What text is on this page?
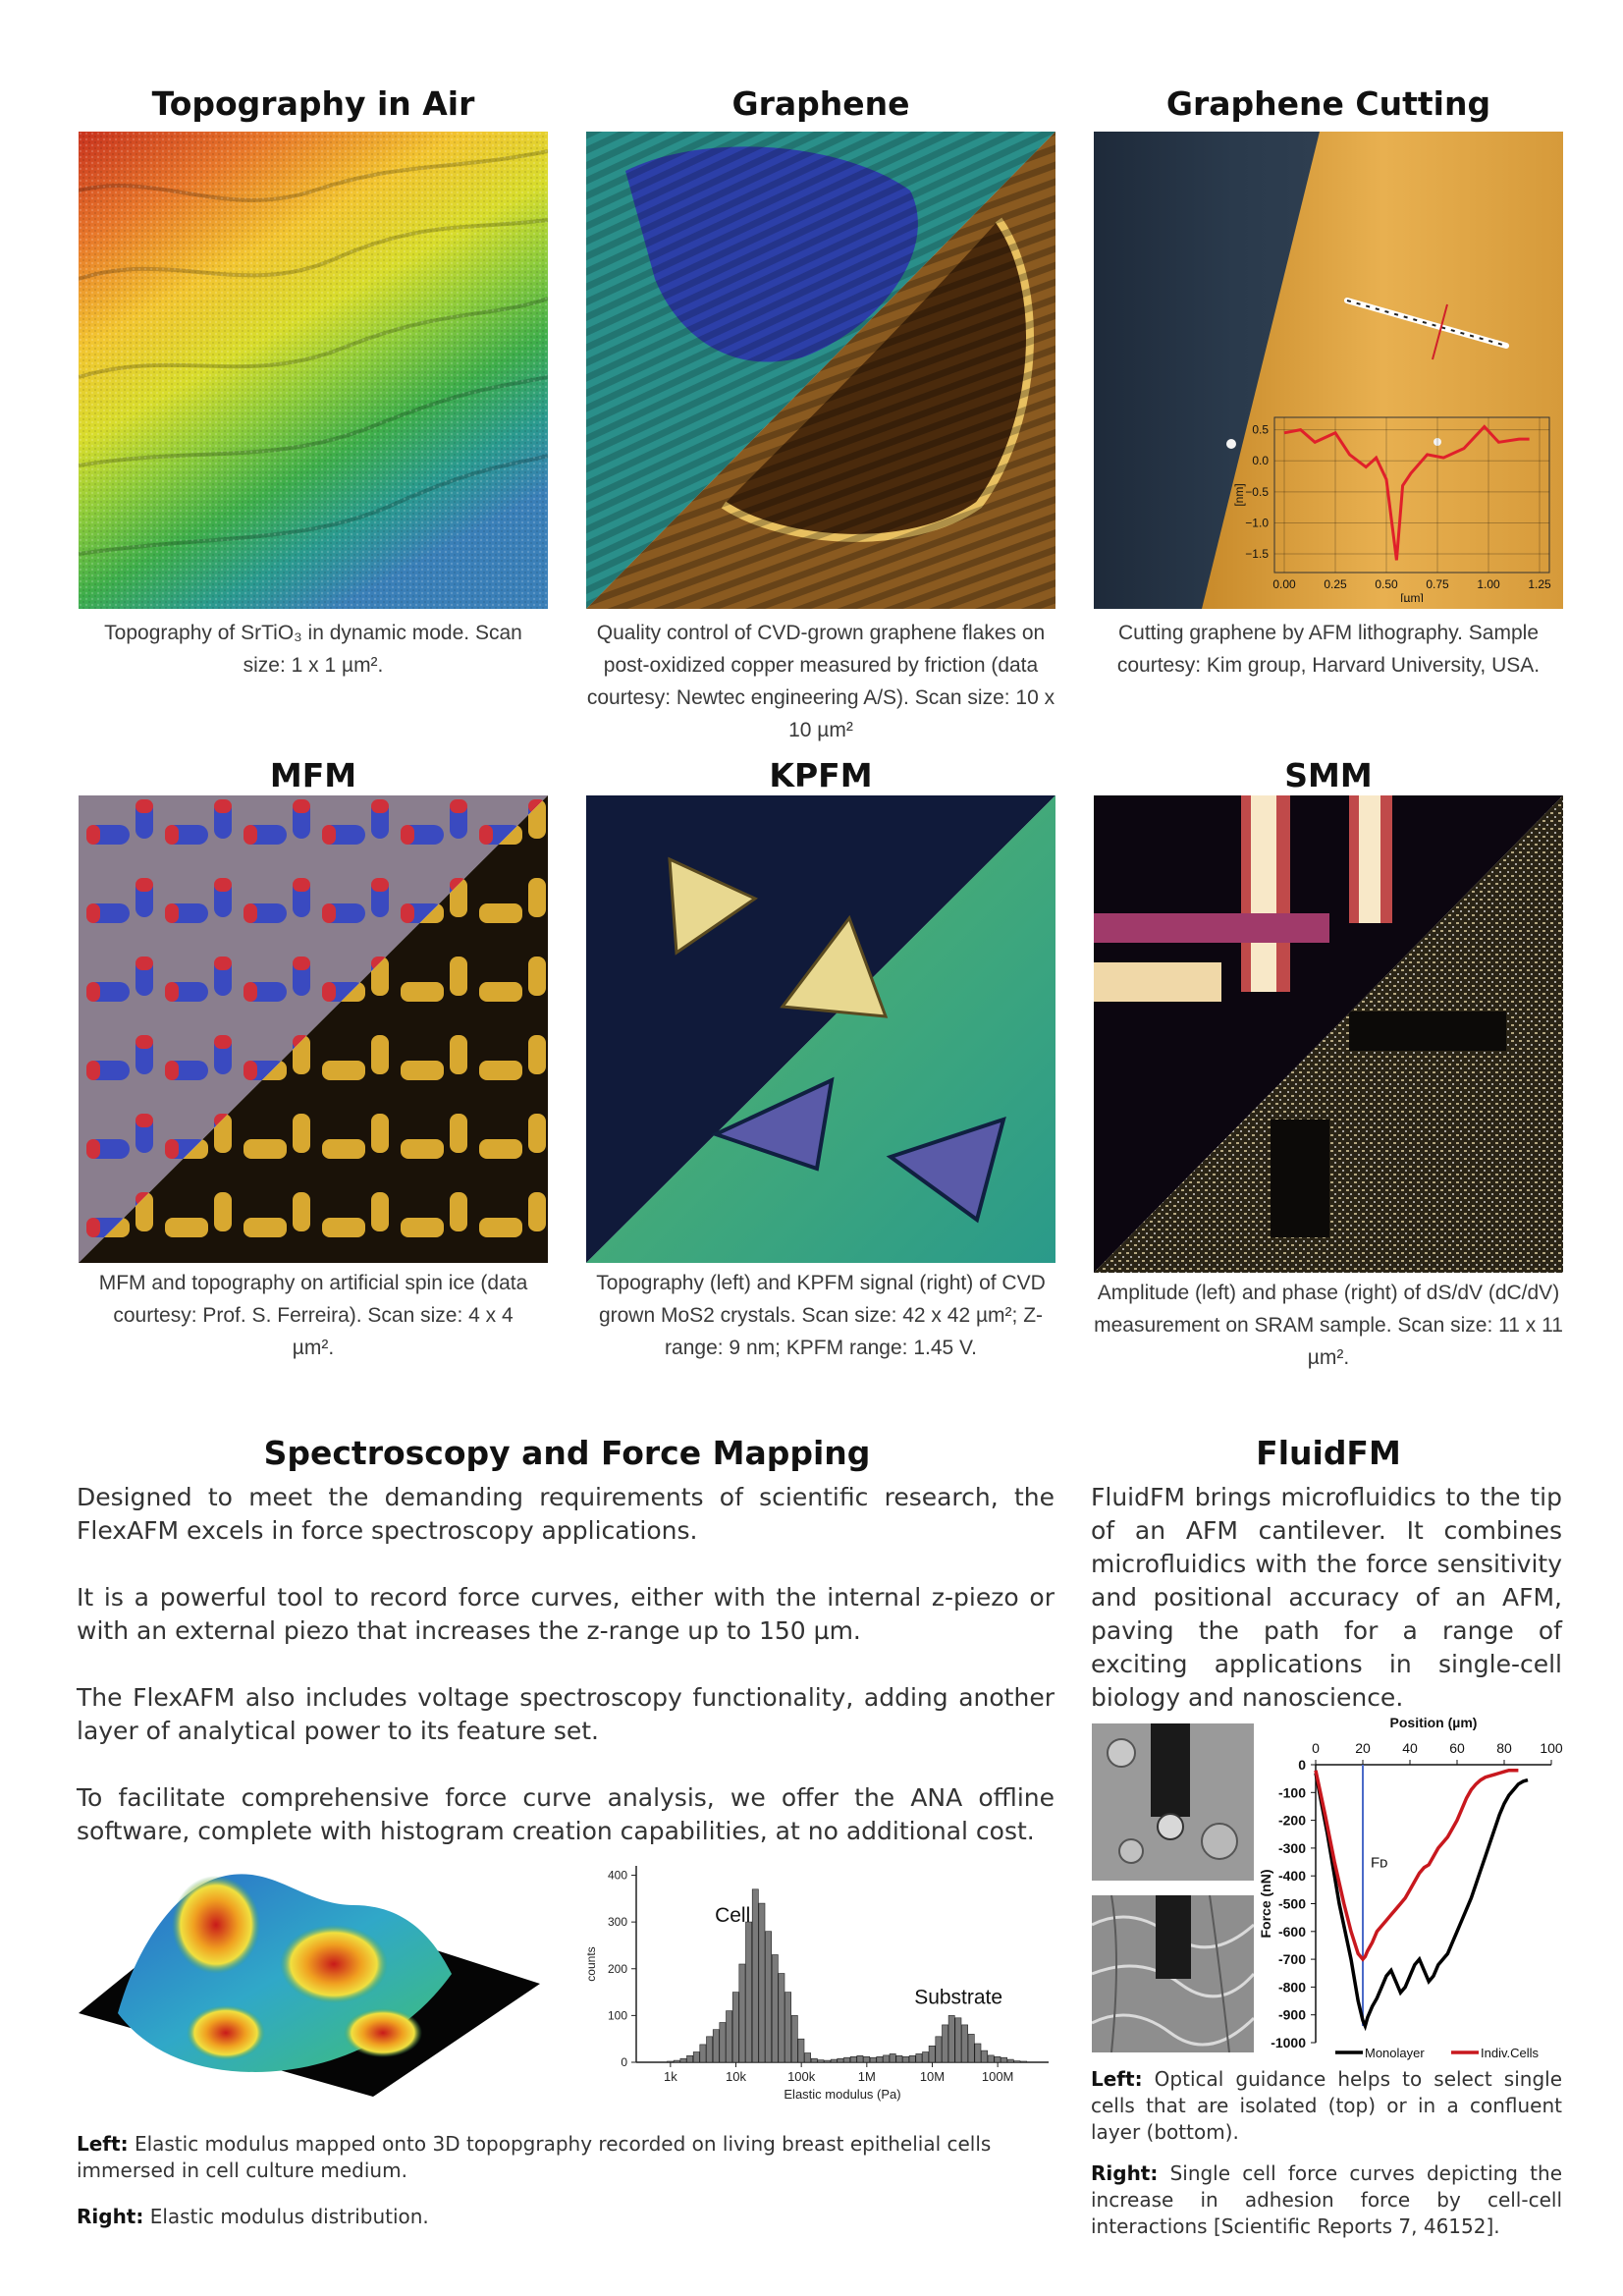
Topography in Air	Graphene	Graphene Cutting
0.5
0.0
−0.5
−1.0
−1.5
0.00 0.25 0.50 0.75 1.00 1.25
[µm]
[nm]
Topography of SrTiO₃ in dynamic mode. Scan size: 1 x 1 µm².
Quality control of CVD-grown graphene flakes on post-oxidized copper measured by friction (data courtesy: Newtec engineering A/S). Scan size: 10 x 10 µm²
Cutting graphene by AFM lithography. Sample courtesy: Kim group, Harvard University, USA.
MFM	KPFM	SMM
MFM and topography on artificial spin ice (data courtesy: Prof. S. Ferreira). Scan size: 4 x 4 µm².
Topography (left) and KPFM signal (right) of CVD grown MoS2 crystals. Scan size: 42 x 42 µm²; Z-range: 9 nm; KPFM range: 1.45 V.
Amplitude (left) and phase (right) of dS/dV (dC/dV) measurement on SRAM sample. Scan size: 11 x 11 µm².
Spectroscopy and Force Mapping

Designed to meet the demanding requirements of scientific research, the FlexAFM excels in force spectroscopy applications.

It is a powerful tool to record force curves, either with the internal z-piezo or with an external piezo that increases the z-range up to 150 µm.

The FlexAFM also includes voltage spectroscopy functionality, adding another layer of analytical power to its feature set.

To facilitate comprehensive force curve analysis, we offer the ANA offline software, complete with histogram creation capabilities, at no additional cost.

0
100
200
300
400
1k	10k	100k	1M	10M	100M
Elastic modulus (Pa)
counts
Cell
Substrate
Left: Elastic modulus mapped onto 3D topopgraphy recorded on living breast epithelial cells immersed in cell culture medium.
Right: Elastic modulus distribution.
FluidFM
FluidFM brings microfluidics to the tip of an AFM cantilever. It combines microfluidics with the force sensitivity and positional accuracy of an AFM, paving the path for a range of exciting applications in single-cell biology and nanoscience.
Position (µm)
0	20 40 60 80 100
0
-100
-200
-300
-400
-500
-600
-700
-800
-900
-1000
Force (nN)
Fᴅ
Monolayer	Indiv.Cells
Left: Optical guidance helps to select single cells that are isolated (top) or in a confluent layer (bottom).
Right: Single cell force curves depicting the increase in adhesion force by cell-cell interactions [Scientific Reports 7, 46152].
